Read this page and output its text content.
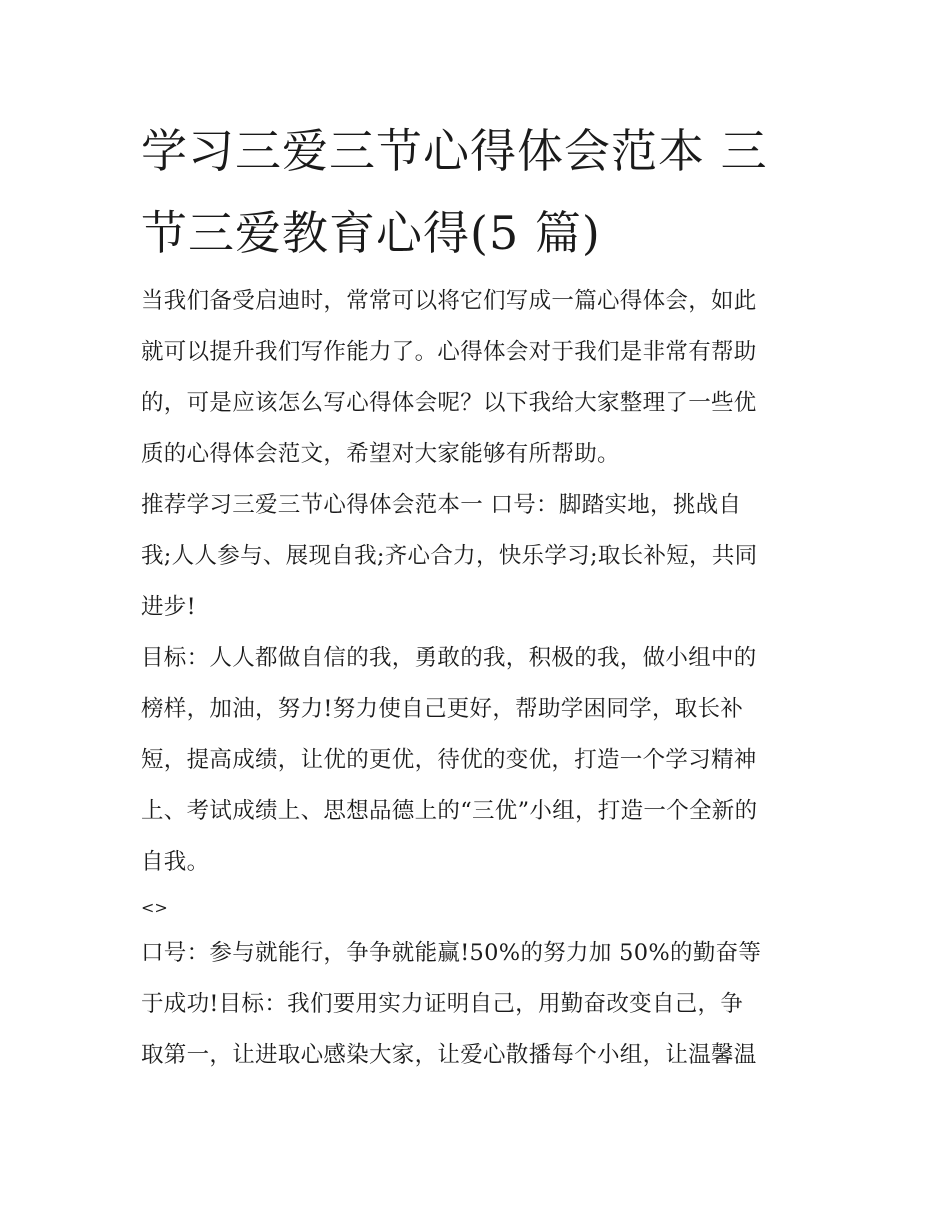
学习三爱三节心得体会范本 三
节三爱教育心得(5 篇)

当我们备受启迪时，常常可以将它们写成一篇心得体会，如此
就可以提升我们写作能力了。心得体会对于我们是非常有帮助
的，可是应该怎么写心得体会呢？以下我给大家整理了一些优
质的心得体会范文，希望对大家能够有所帮助。

推荐学习三爱三节心得体会范本一 口号：脚踏实地，挑战自
我;人人参与、展现自我;齐心合力，快乐学习;取长补短，共同
进步!

目标：人人都做自信的我，勇敢的我，积极的我，做小组中的
榜样，加油，努力!努力使自己更好，帮助学困同学，取长补
短，提高成绩，让优的更优，待优的变优，打造一个学习精神
上、考试成绩上、思想品德上的“三优”小组，打造一个全新的
自我。

<>

口号：参与就能行，争争就能赢!50%的努力加 50%的勤奋等
于成功!目标：我们要用实力证明自己，用勤奋改变自己，争
取第一，让进取心感染大家，让爱心散播每个小组，让温馨温
